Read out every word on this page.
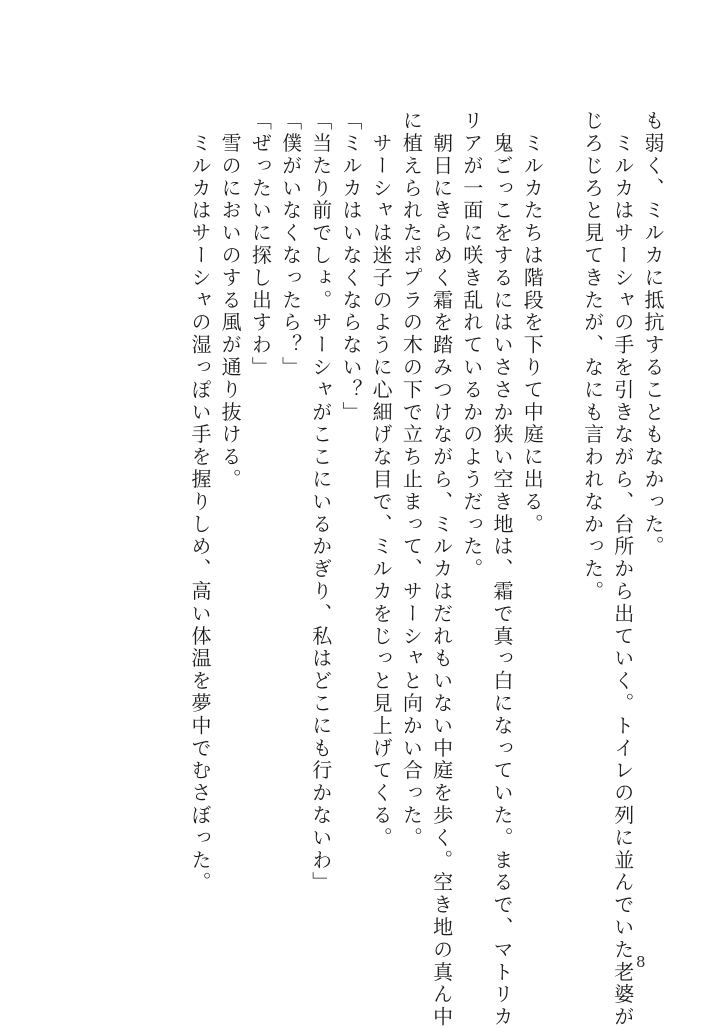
も弱く、ミルカに抵抗することもなかった。
　ミルカはサーシャの手を引きながら、台所から出ていく。トイレの列に並んでいた老婆が
じろじろと見てきたが、なにも言われなかった。

　ミルカたちは階段を下りて中庭に出る。
　鬼ごっこをするにはいささか狭い空き地は、霜で真っ白になっていた。まるで、マトリカ
リアが一面に咲き乱れているかのようだった。
　朝日にきらめく霜を踏みつけながら、ミルカはだれもいない中庭を歩く。空き地の真ん中
に植えられたポプラの木の下で立ち止まって、サーシャと向かい合った。
　サーシャは迷子のように心細げな目で、ミルカをじっと見上げてくる。
「ミルカはいなくならない？」
「当たり前でしょ。サーシャがここにいるかぎり、私はどこにも行かないわ」
「僕がいなくなったら？」
「ぜったいに探し出すわ」
　雪のにおいのする風が通り抜ける。
　ミルカはサーシャの湿っぽい手を握りしめ、高い体温を夢中でむさぼった。
8
